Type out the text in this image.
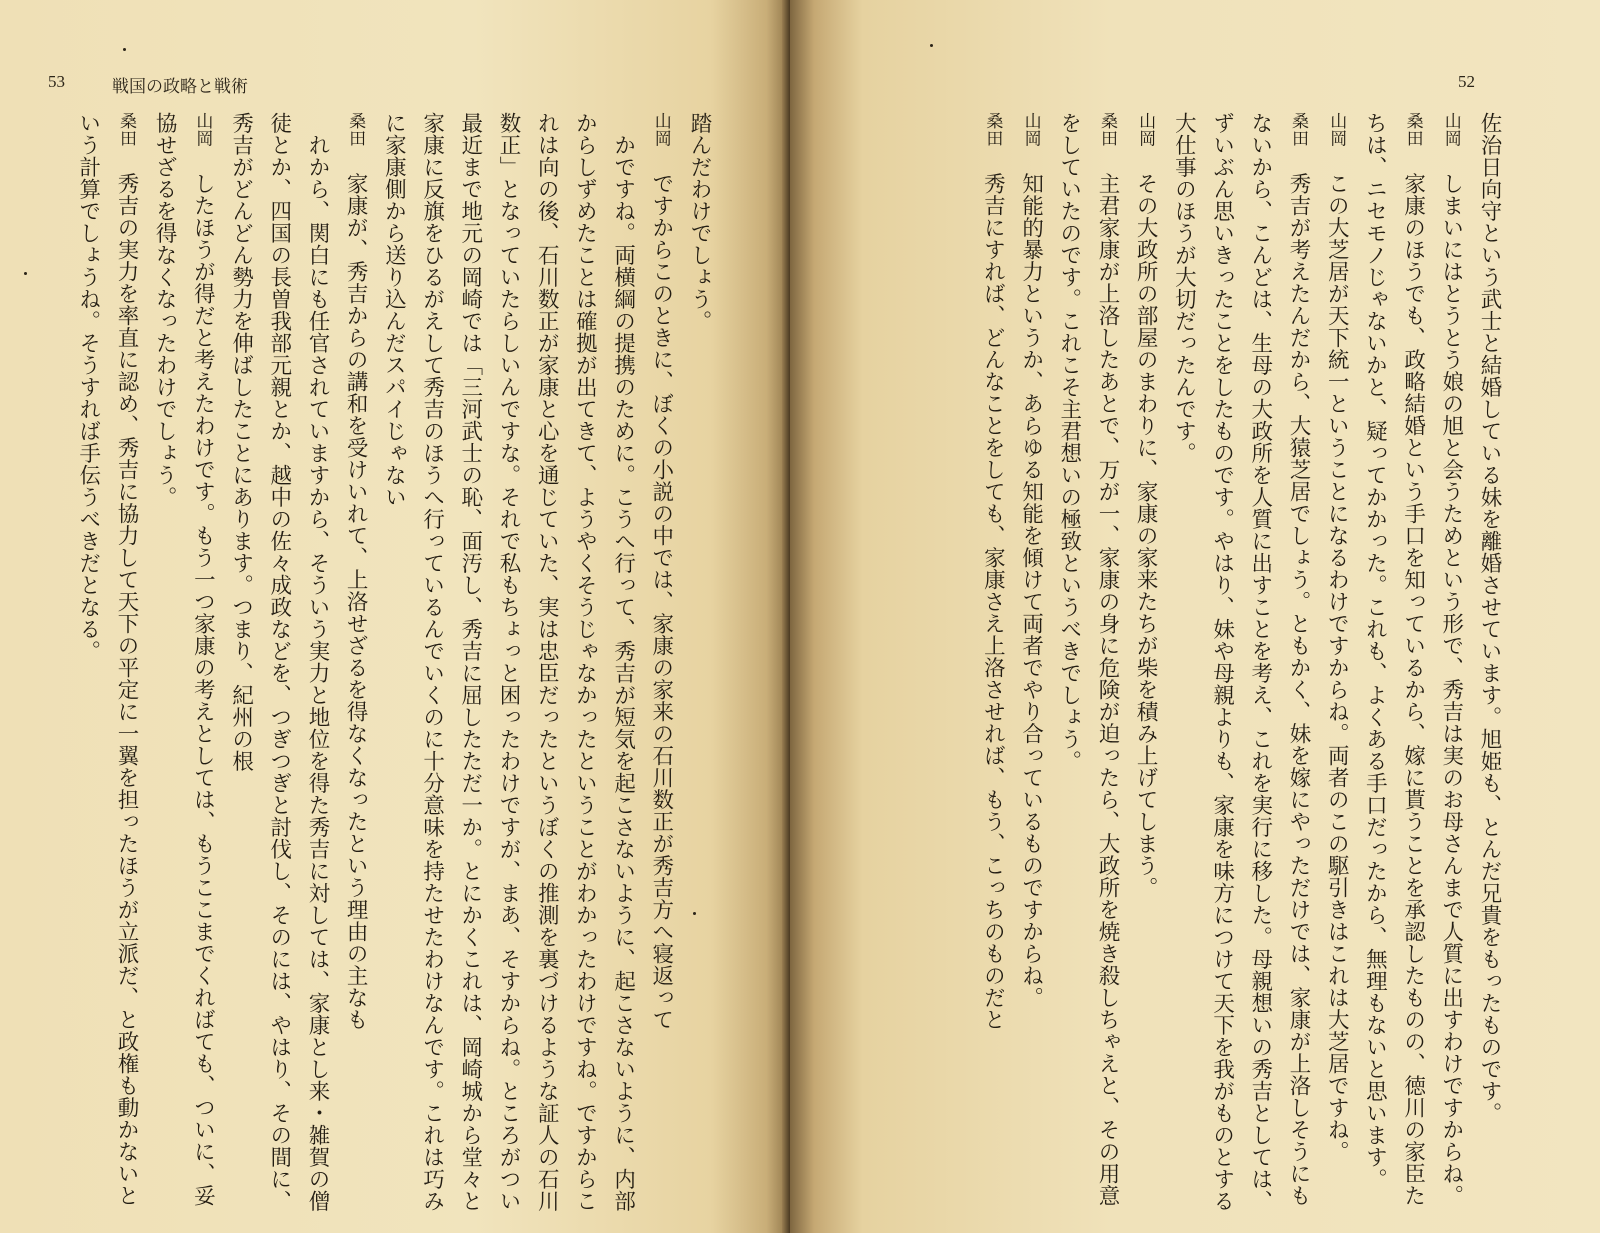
53	戦国の政略と戦術
踏んだわけでしょう。
山岡　ですからこのときに、ぼくの小説の中では、家康の家来の石川数正が秀吉方へ寝返って
かですね。両横綱の提携のために。こうへ行って、秀吉が短気を起こさないように、起こさないように、内部からしずめたことは確拠が出てきて、ようやくそうじゃなかったということがわかったわけですね。ですからこれは向の後、石川数正が家康と心を通じていた、実は忠臣だったというぼくの推測を裏づけるような証人の石川数正」となっていたらしいんですな。それで私もちょっと困ったわけですが、まあ、そすからね。ところがつい最近まで地元の岡崎では「三河武士の恥、面汚し、秀吉に屈したただ一か。とにかくこれは、岡崎城から堂々と家康に反旗をひるがえして秀吉のほうへ行っているんでいくのに十分意味を持たせたわけなんです。これは巧みに家康側から送り込んだスパイじゃない
桑田　家康が、秀吉からの講和を受けいれて、上洛せざるを得なくなったという理由の主なも
れから、関白にも任官されていますから、そういう実力と地位を得た秀吉に対しては、家康とし来・雑賀の僧徒とか、四国の長曽我部元親とか、越中の佐々成政などを、つぎつぎと討伐し、そのには、やはり、その間に、秀吉がどんどん勢力を伸ばしたことにあります。つまり、紀州の根
山岡　したほうが得だと考えたわけです。もう一つ家康の考えとしては、もうここまでくればても、ついに、妥協せざるを得なくなったわけでしょう。
桑田　秀吉の実力を率直に認め、秀吉に協力して天下の平定に一翼を担ったほうが立派だ、と政権も動かないという計算でしょうね。そうすれば手伝うべきだとなる。
52
佐治日向守という武士と結婚している妹を離婚させています。旭姫も、とんだ兄貴をもったものです。
山岡　しまいにはとうとう娘の旭と会うためという形で、秀吉は実のお母さんまで人質に出すわけですからね。
桑田　家康のほうでも、政略結婚という手口を知っているから、嫁に貰うことを承認したものの、徳川の家臣たちは、ニセモノじゃないかと、疑ってかかった。これも、よくある手口だったから、無理もないと思います。
山岡　この大芝居が天下統一ということになるわけですからね。両者のこの駆引きはこれは大芝居ですね。
桑田　秀吉が考えたんだから、大猿芝居でしょう。ともかく、妹を嫁にやっただけでは、家康が上洛しそうにもないから、こんどは、生母の大政所を人質に出すことを考え、これを実行に移した。母親想いの秀吉としては、ずいぶん思いきったことをしたものです。やはり、妹や母親よりも、家康を味方につけて天下を我がものとする大仕事のほうが大切だったんです。
山岡　その大政所の部屋のまわりに、家康の家来たちが柴を積み上げてしまう。
桑田　主君家康が上洛したあとで、万が一、家康の身に危険が迫ったら、大政所を焼き殺しちゃえと、その用意をしていたのです。これこそ主君想いの極致というべきでしょう。
山岡　知能的暴力というか、あらゆる知能を傾けて両者でやり合っているものですからね。
桑田　秀吉にすれば、どんなことをしても、家康さえ上洛させれば、もう、こっちのものだと
